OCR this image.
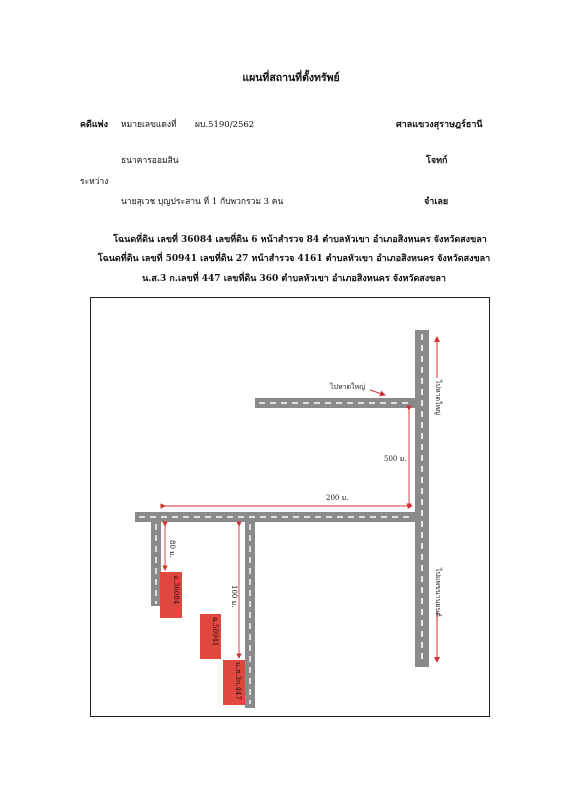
แผนที่สถานที่ตั้งทรัพย์
คดีแพ่ง หมายเลขแดงที่ ผบ.5190/2562	ศาลแขวงสุราษฎร์ธานี
ธนาคารออมสิน	โจทก์
ระหว่าง
นายสุเวช บุญประสาน ที่ 1 กับพวกรวม 3 คน	จำเลย
โฉนดที่ดิน เลขที่ 36084 เลขที่ดิน 6 หน้าสำรวจ 84 ตำบลหัวเขา อำเภอสิงหนคร จังหวัดสงขลา
โฉนดที่ดิน เลขที่ 50941 เลขที่ดิน 27 หน้าสำรวจ 4161 ตำบลหัวเขา อำเภอสิงหนคร จังหวัดสงขลา
น.ส.3 ก.เลขที่ 447 เลขที่ดิน 360 ตำบลหัวเขา อำเภอสิงหนคร จังหวัดสงขลา
ไปหาดใหญ่	ไปหาดใหญ่
ไปแพขนานยนต์
500 ม.
200 ม.
80 ม.
100 ม.
ฉ.36084
ฉ.50941
น.ส.3ก.447
